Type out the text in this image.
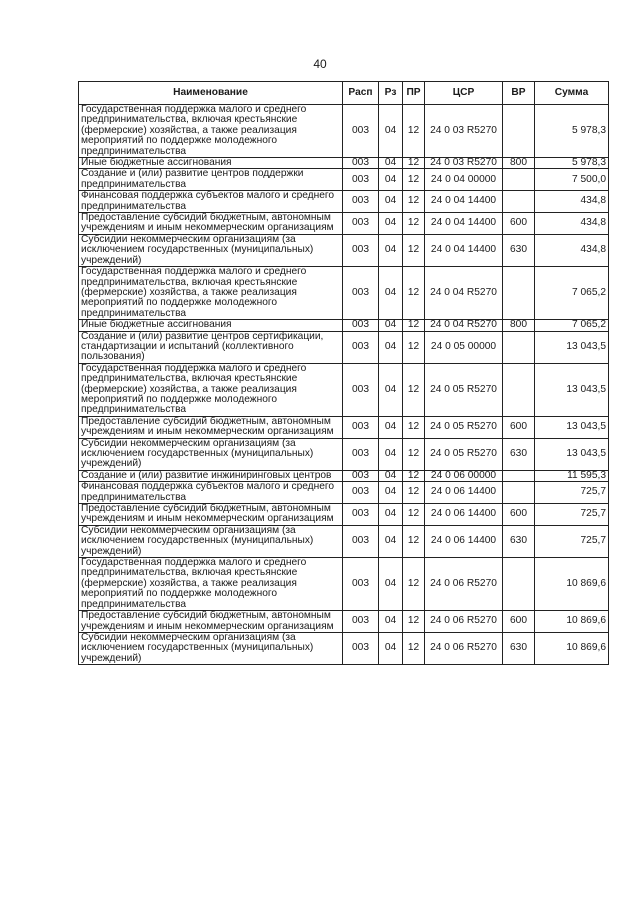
40
Наименование	Расп	Рз	ПР	ЦСР	ВР	Сумма
Государственная поддержка малого и среднего предпринимательства, включая крестьянские (фермерские) хозяйства, а также реализация мероприятий по поддержке молодежного предпринимательства	003	04	12	24 0 03 R5270		5 978,3
Иные бюджетные ассигнования	003	04	12	24 0 03 R5270	800	5 978,3
Создание и (или) развитие центров поддержки предпринимательства	003	04	12	24 0 04 00000		7 500,0
Финансовая поддержка субъектов малого и среднего предпринимательства	003	04	12	24 0 04 14400		434,8
Предоставление субсидий бюджетным, автономным учреждениям и иным некоммерческим организациям	003	04	12	24 0 04 14400	600	434,8
Субсидии некоммерческим организациям (за исключением государственных (муниципальных) учреждений)	003	04	12	24 0 04 14400	630	434,8
Государственная поддержка малого и среднего предпринимательства, включая крестьянские (фермерские) хозяйства, а также реализация мероприятий по поддержке молодежного предпринимательства	003	04	12	24 0 04 R5270		7 065,2
Иные бюджетные ассигнования	003	04	12	24 0 04 R5270	800	7 065,2
Создание и (или) развитие центров сертификации, стандартизации и испытаний (коллективного пользования)	003	04	12	24 0 05 00000		13 043,5
Государственная поддержка малого и среднего предпринимательства, включая крестьянские (фермерские) хозяйства, а также реализация мероприятий по поддержке молодежного предпринимательства	003	04	12	24 0 05 R5270		13 043,5
Предоставление субсидий бюджетным, автономным учреждениям и иным некоммерческим организациям	003	04	12	24 0 05 R5270	600	13 043,5
Субсидии некоммерческим организациям (за исключением государственных (муниципальных) учреждений)	003	04	12	24 0 05 R5270	630	13 043,5
Создание и (или) развитие инжиниринговых центров	003	04	12	24 0 06 00000		11 595,3
Финансовая поддержка субъектов малого и среднего предпринимательства	003	04	12	24 0 06 14400		725,7
Предоставление субсидий бюджетным, автономным учреждениям и иным некоммерческим организациям	003	04	12	24 0 06 14400	600	725,7
Субсидии некоммерческим организациям (за исключением государственных (муниципальных) учреждений)	003	04	12	24 0 06 14400	630	725,7
Государственная поддержка малого и среднего предпринимательства, включая крестьянские (фермерские) хозяйства, а также реализация мероприятий по поддержке молодежного предпринимательства	003	04	12	24 0 06 R5270		10 869,6
Предоставление субсидий бюджетным, автономным учреждениям и иным некоммерческим организациям	003	04	12	24 0 06 R5270	600	10 869,6
Субсидии некоммерческим организациям (за исключением государственных (муниципальных) учреждений)	003	04	12	24 0 06 R5270	630	10 869,6
